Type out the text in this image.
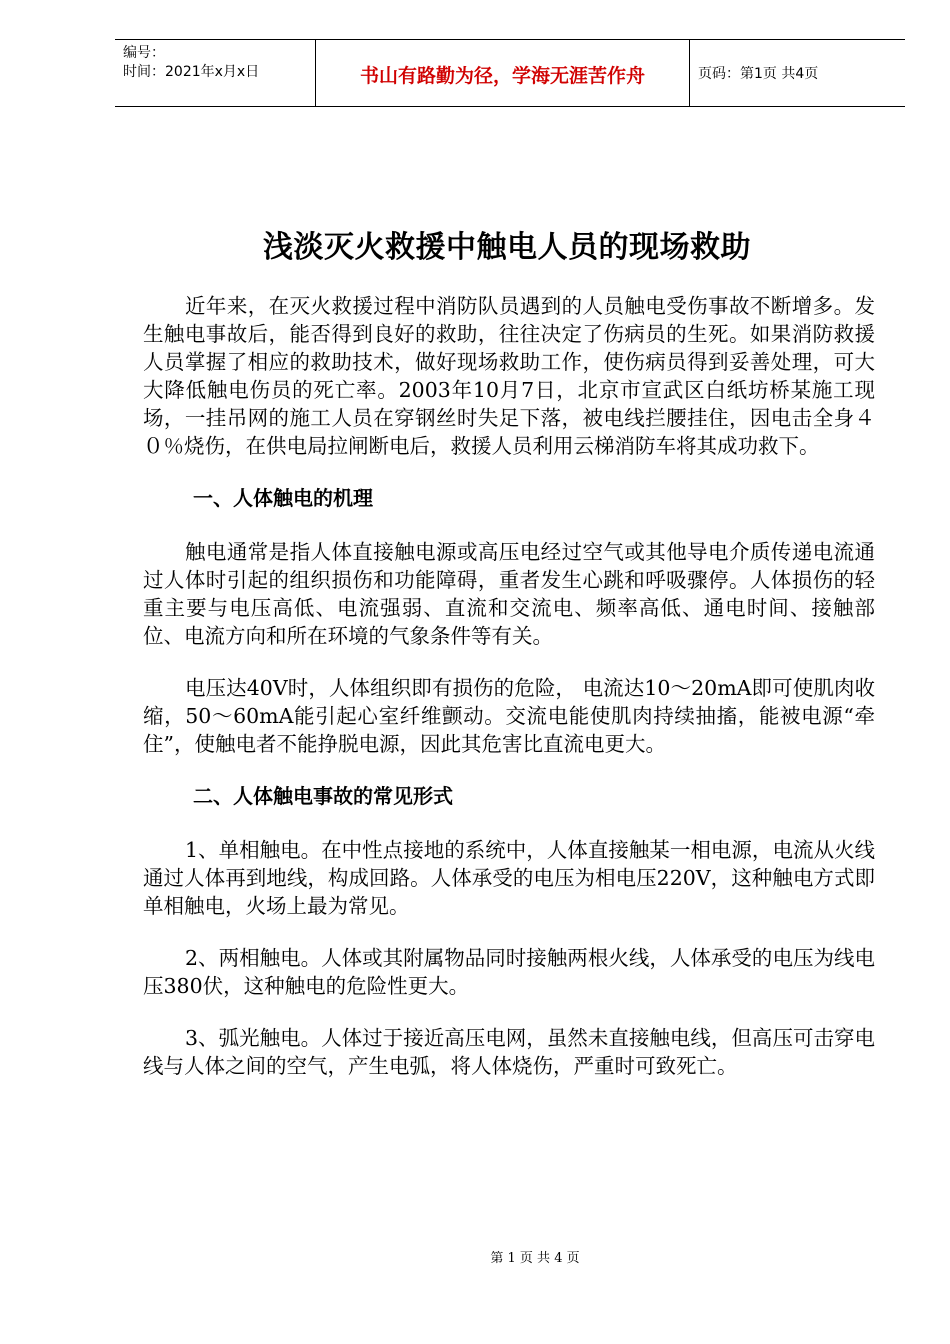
编号：
时间：2021年x月x日	书山有路勤为径，学海无涯苦作舟	页码：第1页 共4页
浅淡灭火救援中触电人员的现场救助

近年来，在灭火救援过程中消防队员遇到的人员触电受伤事故不断增多。发生触电事故后，能否得到良好的救助，往往决定了伤病员的生死。如果消防救援人员掌握了相应的救助技术，做好现场救助工作，使伤病员得到妥善处理，可大大降低触电伤员的死亡率。2003年10月7日，北京市宣武区白纸坊桥某施工现场，一挂吊网的施工人员在穿钢丝时失足下落，被电线拦腰挂住，因电击全身４０％烧伤，在供电局拉闸断电后，救援人员利用云梯消防车将其成功救下。

一、人体触电的机理

触电通常是指人体直接触电源或高压电经过空气或其他导电介质传递电流通过人体时引起的组织损伤和功能障碍，重者发生心跳和呼吸骤停。人体损伤的轻重主要与电压高低、电流强弱、直流和交流电、频率高低、通电时间、接触部位、电流方向和所在环境的气象条件等有关。

电压达40V时，人体组织即有损伤的危险， 电流达10～20mA即可使肌肉收缩，50～60mA能引起心室纤维颤动。交流电能使肌肉持续抽搐，能被电源“牵住”，使触电者不能挣脱电源，因此其危害比直流电更大。

二、人体触电事故的常见形式

1、单相触电。在中性点接地的系统中，人体直接触某一相电源，电流从火线通过人体再到地线，构成回路。人体承受的电压为相电压220V，这种触电方式即单相触电，火场上最为常见。

2、两相触电。人体或其附属物品同时接触两根火线，人体承受的电压为线电压380伏，这种触电的危险性更大。

3、弧光触电。人体过于接近高压电网，虽然未直接触电线，但高压可击穿电线与人体之间的空气，产生电弧，将人体烧伤，严重时可致死亡。

第 1 页 共 4 页
